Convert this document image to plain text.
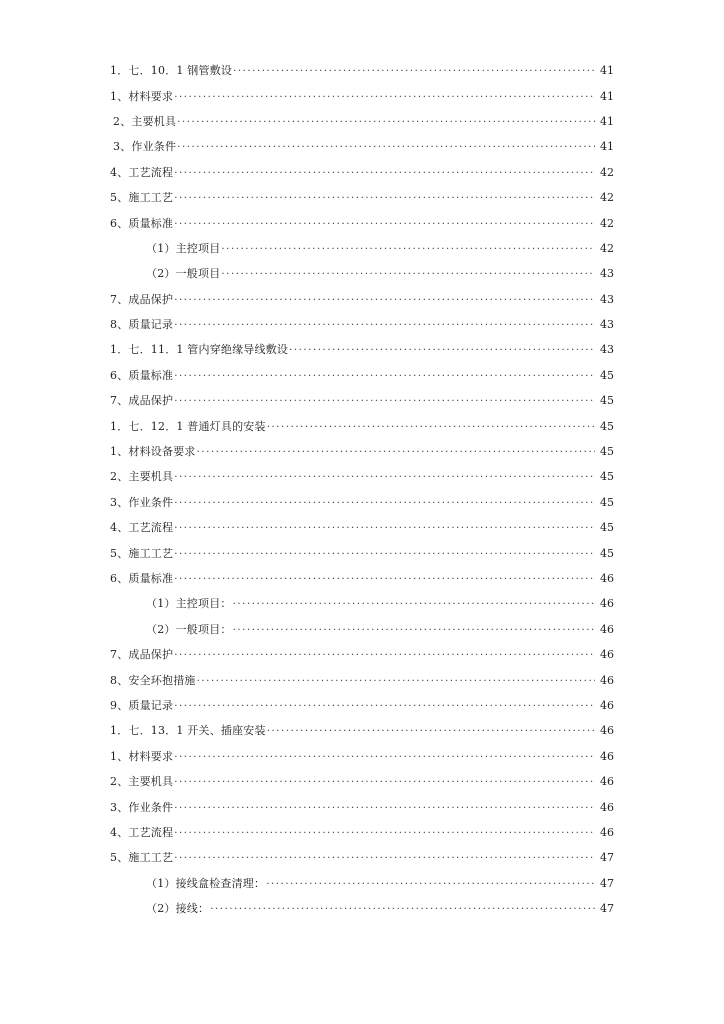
1．七．10．1 钢管敷设 .....	41
1、材料要求 .....	41
2、主要机具 .....	41
3、作业条件 .....	41
4、工艺流程 .....	42
5、施工工艺 .....	42
6、质量标准 .....	42
（1）主控项目 .....	42
（2）一般项目 .....	43
7、成品保护 .....	43
8、质量记录 .....	43
1．七．11．1 管内穿绝缘导线敷设 .....	43
6、质量标准 .....	45
7、成品保护 .....	45
1．七．12．1 普通灯具的安装 .....	45
1、材料设备要求 .....	45
2、主要机具 .....	45
3、作业条件 .....	45
4、工艺流程 .....	45
5、施工工艺 .....	45
6、质量标准 .....	46
（1）主控项目： .....	46
（2）一般项目： .....	46
7、成品保护 .....	46
8、安全环抱措施 .....	46
9、质量记录 .....	46
1．七．13．1 开关、插座安装 .....	46
1、材料要求 .....	46
2、主要机具 .....	46
3、作业条件 .....	46
4、工艺流程 .....	46
5、施工工艺 .....	47
（1）接线盒检查清理： .....	47
（2）接线： .....	47
